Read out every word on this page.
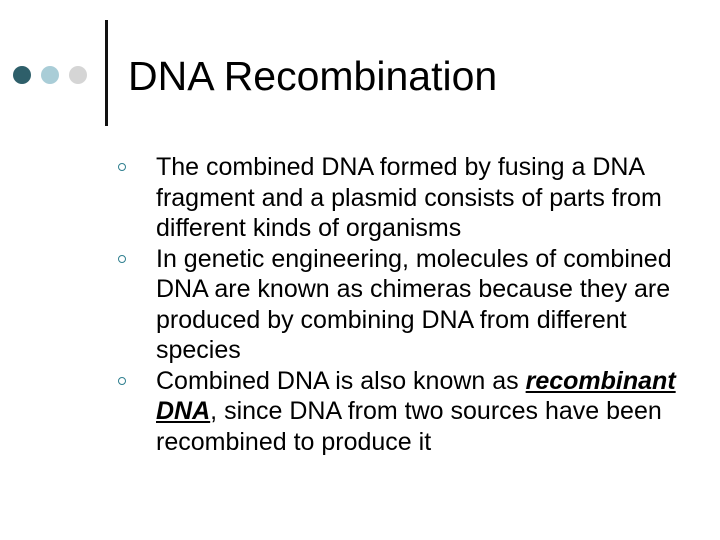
DNA Recombination
The combined DNA formed by fusing a DNA fragment and a plasmid consists of parts from different kinds of organisms
In genetic engineering, molecules of combined DNA are known as chimeras because they are produced by combining DNA from different species
Combined DNA is also known as recombinant DNA, since DNA from two sources have been recombined to produce it
